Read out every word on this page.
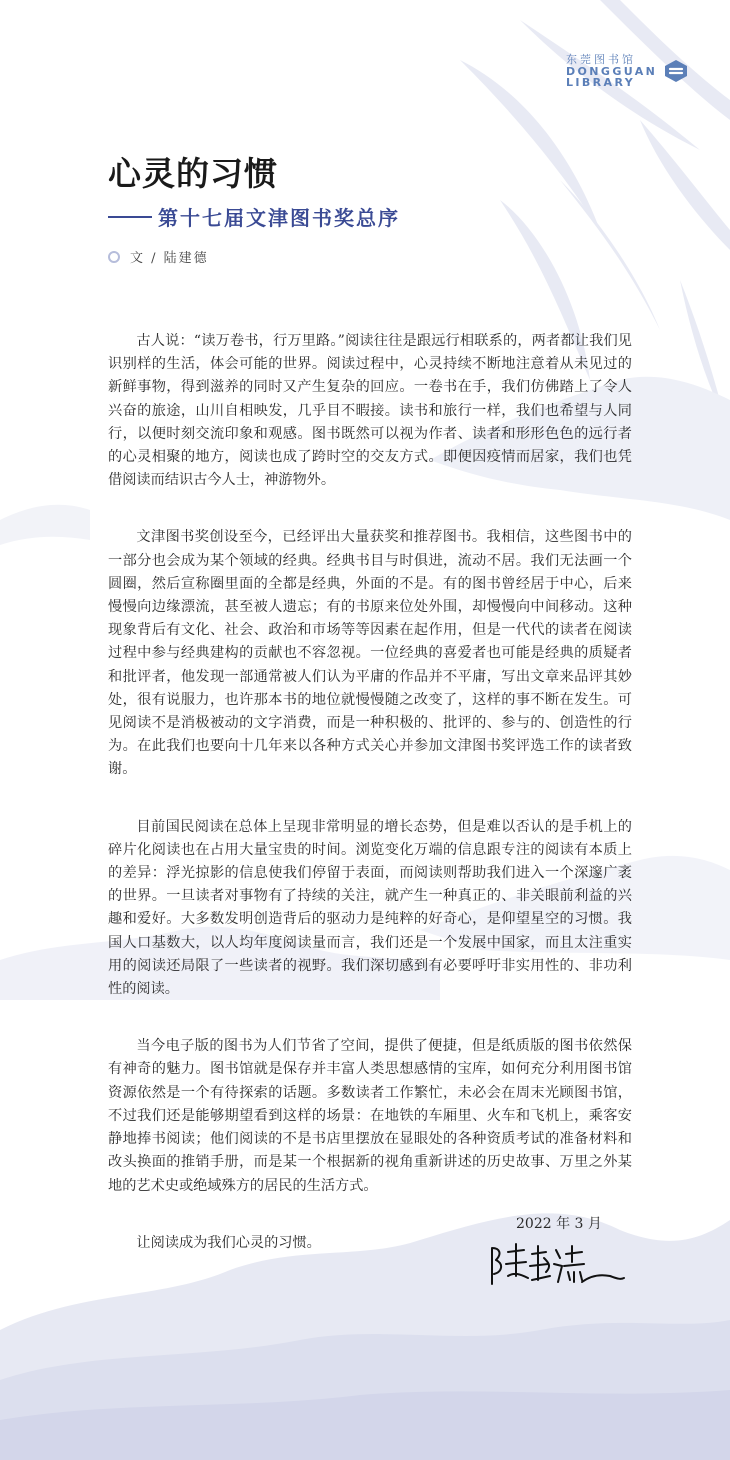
东莞图书馆
DONGGUAN
LIBRARY
心灵的习惯
第十七届文津图书奖总序
文 / 陆建德

古人说：“读万卷书，行万里路。”阅读往往是跟远行相联系的，两者都让我们见识别样的生活，体会可能的世界。阅读过程中，心灵持续不断地注意着从未见过的新鲜事物，得到滋养的同时又产生复杂的回应。一卷书在手，我们仿佛踏上了令人兴奋的旅途，山川自相映发，几乎目不暇接。读书和旅行一样，我们也希望与人同行，以便时刻交流印象和观感。图书既然可以视为作者、读者和形形色色的远行者的心灵相聚的地方，阅读也成了跨时空的交友方式。即便因疫情而居家，我们也凭借阅读而结识古今人士，神游物外。

文津图书奖创设至今，已经评出大量获奖和推荐图书。我相信，这些图书中的一部分也会成为某个领域的经典。经典书目与时俱进，流动不居。我们无法画一个圆圈，然后宣称圈里面的全都是经典，外面的不是。有的图书曾经居于中心，后来慢慢向边缘漂流，甚至被人遗忘；有的书原来位处外围，却慢慢向中间移动。这种现象背后有文化、社会、政治和市场等等因素在起作用，但是一代代的读者在阅读过程中参与经典建构的贡献也不容忽视。一位经典的喜爱者也可能是经典的质疑者和批评者，他发现一部通常被人们认为平庸的作品并不平庸，写出文章来品评其妙处，很有说服力，也许那本书的地位就慢慢随之改变了，这样的事不断在发生。可见阅读不是消极被动的文字消费，而是一种积极的、批评的、参与的、创造性的行为。在此我们也要向十几年来以各种方式关心并参加文津图书奖评选工作的读者致谢。

目前国民阅读在总体上呈现非常明显的增长态势，但是难以否认的是手机上的碎片化阅读也在占用大量宝贵的时间。浏览变化万端的信息跟专注的阅读有本质上的差异：浮光掠影的信息使我们停留于表面，而阅读则帮助我们进入一个深邃广袤的世界。一旦读者对事物有了持续的关注，就产生一种真正的、非关眼前利益的兴趣和爱好。大多数发明创造背后的驱动力是纯粹的好奇心，是仰望星空的习惯。我国人口基数大，以人均年度阅读量而言，我们还是一个发展中国家，而且太注重实用的阅读还局限了一些读者的视野。我们深切感到有必要呼吁非实用性的、非功利性的阅读。

当今电子版的图书为人们节省了空间，提供了便捷，但是纸质版的图书依然保有神奇的魅力。图书馆就是保存并丰富人类思想感情的宝库，如何充分利用图书馆资源依然是一个有待探索的话题。多数读者工作繁忙，未必会在周末光顾图书馆，不过我们还是能够期望看到这样的场景：在地铁的车厢里、火车和飞机上，乘客安静地捧书阅读；他们阅读的不是书店里摆放在显眼处的各种资质考试的准备材料和改头换面的推销手册，而是某一个根据新的视角重新讲述的历史故事、万里之外某地的艺术史或绝域殊方的居民的生活方式。

让阅读成为我们心灵的习惯。

2022 年 3 月
